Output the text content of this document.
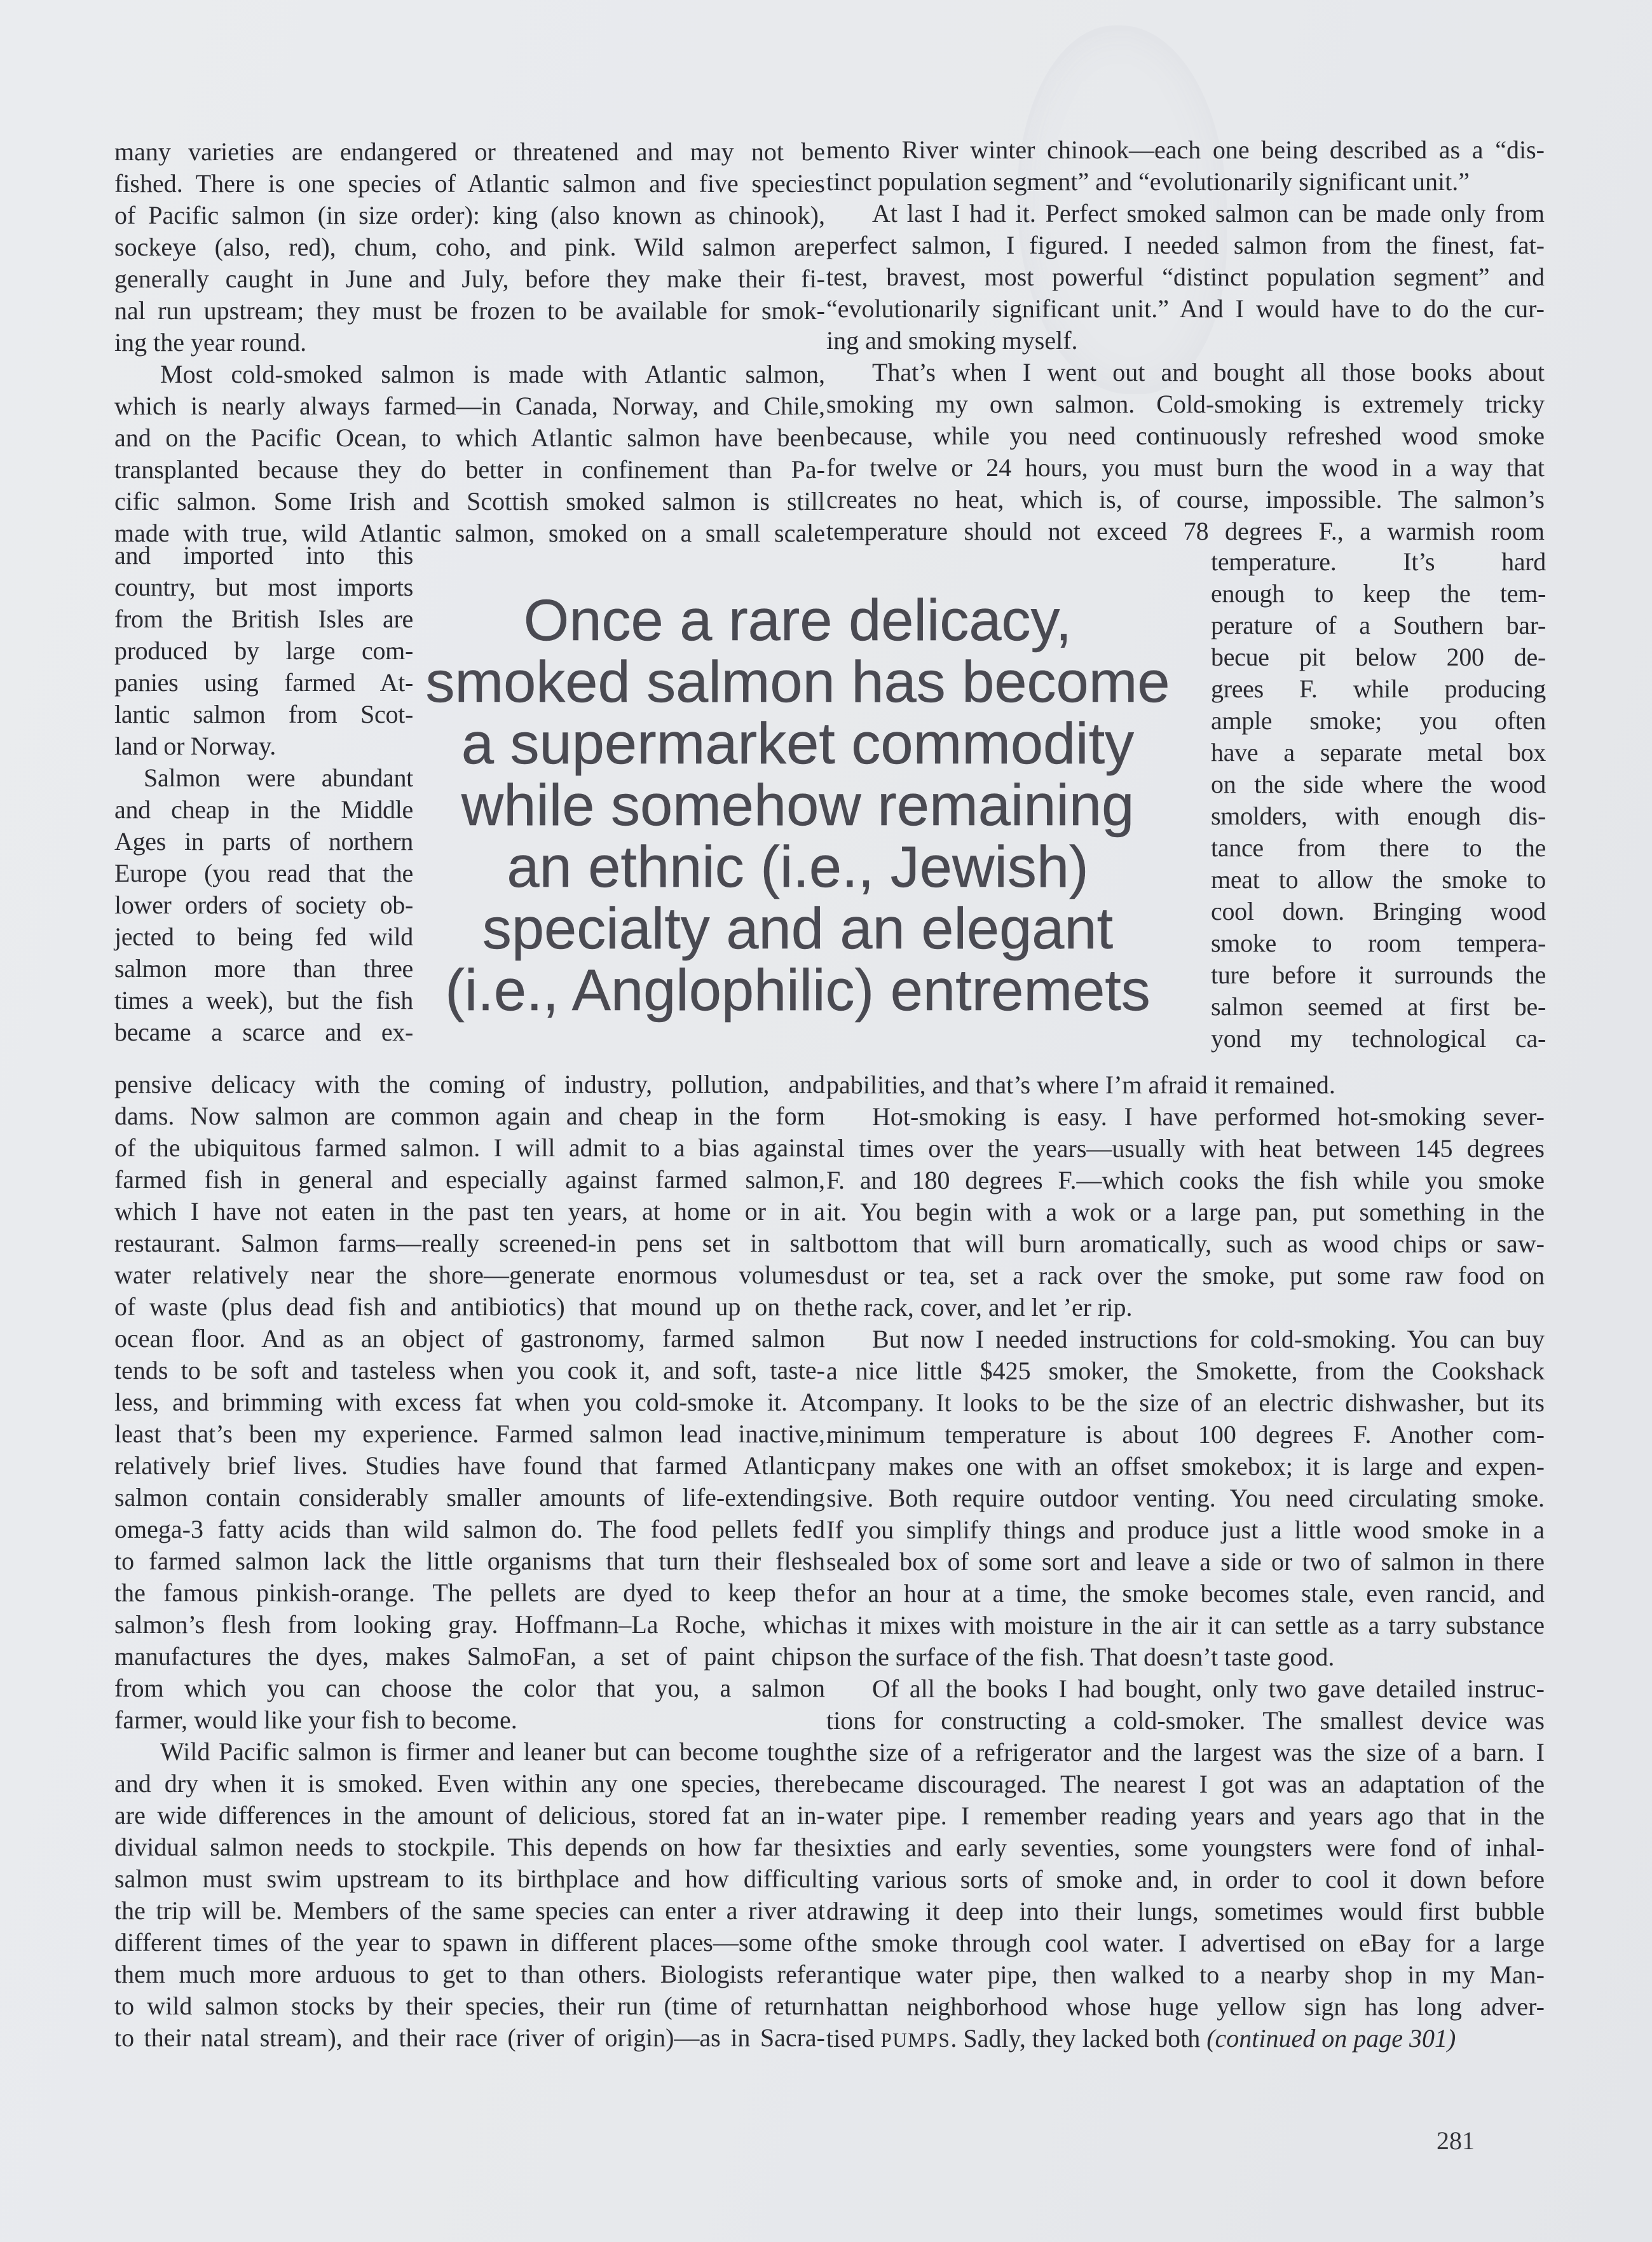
many varieties are endangered or threatened and may not be
fished. There is one species of Atlantic salmon and five species
of Pacific salmon (in size order): king (also known as chinook),
sockeye (also, red), chum, coho, and pink. Wild salmon are
generally caught in June and July, before they make their fi-
nal run upstream; they must be frozen to be available for smok-
ing the year round.
Most cold-smoked salmon is made with Atlantic salmon,
which is nearly always farmed—in Canada, Norway, and Chile,
and on the Pacific Ocean, to which Atlantic salmon have been
transplanted because they do better in confinement than Pa-
cific salmon. Some Irish and Scottish smoked salmon is still
made with true, wild Atlantic salmon, smoked on a small scale
and imported into this
country, but most imports
from the British Isles are
produced by large com-
panies using farmed At-
lantic salmon from Scot-
land or Norway.
Salmon were abundant
and cheap in the Middle
Ages in parts of northern
Europe (you read that the
lower orders of society ob-
jected to being fed wild
salmon more than three
times a week), but the fish
became a scarce and ex-
pensive delicacy with the coming of industry, pollution, and
dams. Now salmon are common again and cheap in the form
of the ubiquitous farmed salmon. I will admit to a bias against
farmed fish in general and especially against farmed salmon,
which I have not eaten in the past ten years, at home or in a
restaurant. Salmon farms—really screened-in pens set in salt
water relatively near the shore—generate enormous volumes
of waste (plus dead fish and antibiotics) that mound up on the
ocean floor. And as an object of gastronomy, farmed salmon
tends to be soft and tasteless when you cook it, and soft, taste-
less, and brimming with excess fat when you cold-smoke it. At
least that’s been my experience. Farmed salmon lead inactive,
relatively brief lives. Studies have found that farmed Atlantic
salmon contain considerably smaller amounts of life-extending
omega-3 fatty acids than wild salmon do. The food pellets fed
to farmed salmon lack the little organisms that turn their flesh
the famous pinkish-orange. The pellets are dyed to keep the
salmon’s flesh from looking gray. Hoffmann–La Roche, which
manufactures the dyes, makes SalmoFan, a set of paint chips
from which you can choose the color that you, a salmon
farmer, would like your fish to become.
Wild Pacific salmon is firmer and leaner but can become tough
and dry when it is smoked. Even within any one species, there
are wide differences in the amount of delicious, stored fat an in-
dividual salmon needs to stockpile. This depends on how far the
salmon must swim upstream to its birthplace and how difficult
the trip will be. Members of the same species can enter a river at
different times of the year to spawn in different places—some of
them much more arduous to get to than others. Biologists refer
to wild salmon stocks by their species, their run (time of return
to their natal stream), and their race (river of origin)—as in Sacra-
mento River winter chinook—each one being described as a “dis-
tinct population segment” and “evolutionarily significant unit.”
At last I had it. Perfect smoked salmon can be made only from
perfect salmon, I figured. I needed salmon from the finest, fat-
test, bravest, most powerful “distinct population segment” and
“evolutionarily significant unit.” And I would have to do the cur-
ing and smoking myself.
That’s when I went out and bought all those books about
smoking my own salmon. Cold-smoking is extremely tricky
because, while you need continuously refreshed wood smoke
for twelve or 24 hours, you must burn the wood in a way that
creates no heat, which is, of course, impossible. The salmon’s
temperature should not exceed 78 degrees F., a warmish room
temperature. It’s hard
enough to keep the tem-
perature of a Southern bar-
becue pit below 200 de-
grees F. while producing
ample smoke; you often
have a separate metal box
on the side where the wood
smolders, with enough dis-
tance from there to the
meat to allow the smoke to
cool down. Bringing wood
smoke to room tempera-
ture before it surrounds the
salmon seemed at first be-
yond my technological ca-
pabilities, and that’s where I’m afraid it remained.
Hot-smoking is easy. I have performed hot-smoking sever-
al times over the years—usually with heat between 145 degrees
F. and 180 degrees F.—which cooks the fish while you smoke
it. You begin with a wok or a large pan, put something in the
bottom that will burn aromatically, such as wood chips or saw-
dust or tea, set a rack over the smoke, put some raw food on
the rack, cover, and let ’er rip.
But now I needed instructions for cold-smoking. You can buy
a nice little $425 smoker, the Smokette, from the Cookshack
company. It looks to be the size of an electric dishwasher, but its
minimum temperature is about 100 degrees F. Another com-
pany makes one with an offset smokebox; it is large and expen-
sive. Both require outdoor venting. You need circulating smoke.
If you simplify things and produce just a little wood smoke in a
sealed box of some sort and leave a side or two of salmon in there
for an hour at a time, the smoke becomes stale, even rancid, and
as it mixes with moisture in the air it can settle as a tarry substance
on the surface of the fish. That doesn’t taste good.
Of all the books I had bought, only two gave detailed instruc-
tions for constructing a cold-smoker. The smallest device was
the size of a refrigerator and the largest was the size of a barn. I
became discouraged. The nearest I got was an adaptation of the
water pipe. I remember reading years and years ago that in the
sixties and early seventies, some youngsters were fond of inhal-
ing various sorts of smoke and, in order to cool it down before
drawing it deep into their lungs, sometimes would first bubble
the smoke through cool water. I advertised on eBay for a large
antique water pipe, then walked to a nearby shop in my Man-
hattan neighborhood whose huge yellow sign has long adver-
tised PUMPS. Sadly, they lacked both (continued on page 301)
Once a rare delicacy,
smoked salmon has become
a supermarket commodity
while somehow remaining
an ethnic (i.e., Jewish)
specialty and an elegant
(i.e., Anglophilic) entremets
281
